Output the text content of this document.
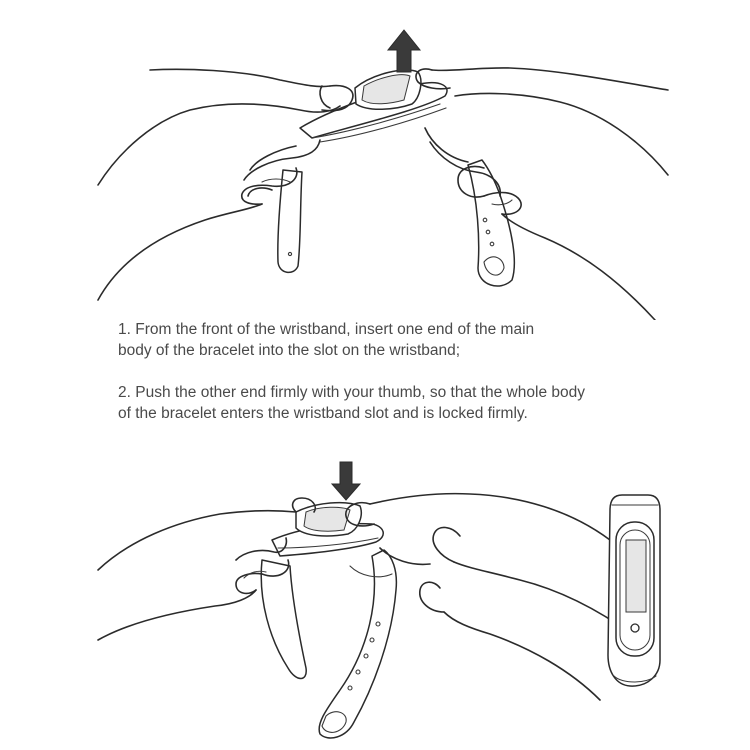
1. From the front of the wristband, insert one end of the main
body of the bracelet into the slot on the wristband;

2. Push the other end firmly with your thumb, so that the whole body
of the bracelet enters the wristband slot and is locked firmly.
